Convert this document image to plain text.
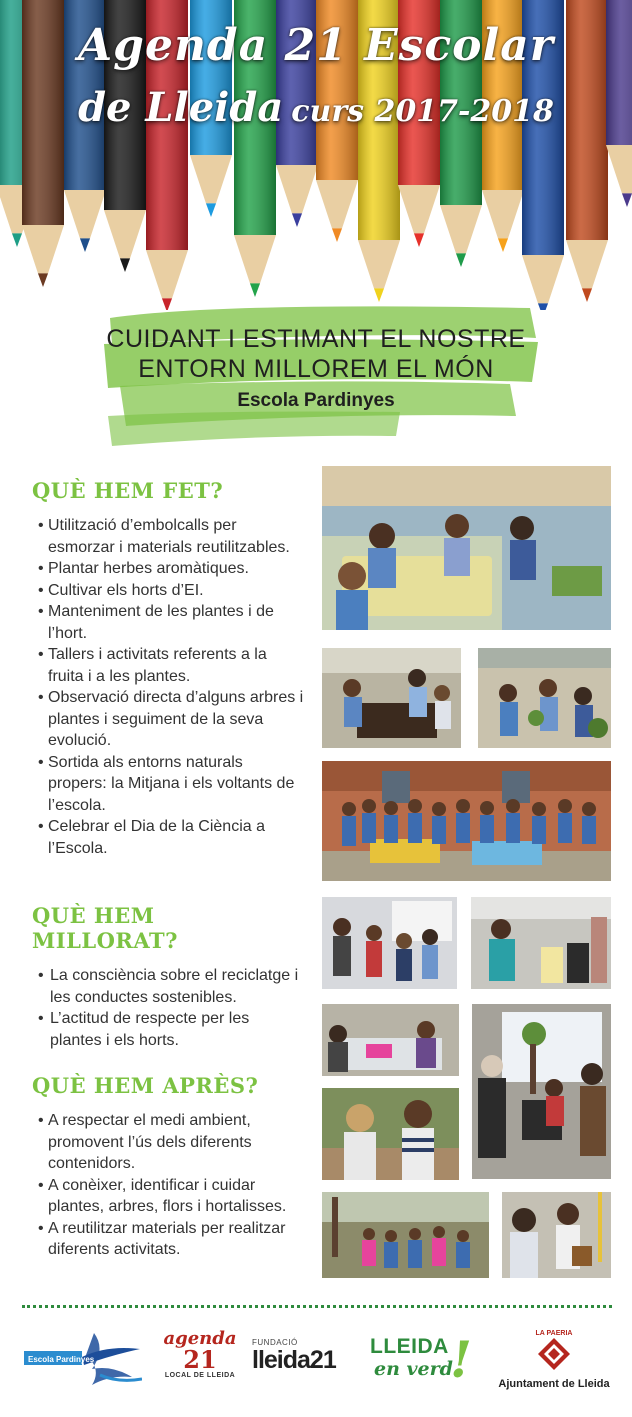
Agenda 21 Escolar
de Lleida curs 2017-2018
CUIDANT I ESTIMANT EL NOSTRE
ENTORN MILLOREM EL MÓN
Escola Pardinyes
QUÈ HEM FET?
• Utilització d’embolcalls per esmorzar i materials reutilitzables.
• Plantar herbes aromàtiques.
• Cultivar els horts d’EI.
• Manteniment de les plantes i de l’hort.
• Tallers i activitats referents a la fruita i a les plantes.
• Observació directa d’alguns arbres i plantes i seguiment de la seva evolució.
• Sortida als entorns naturals propers: la Mitjana i els voltants de l’escola.
• Celebrar el Dia de la Ciència a l’Escola.
QUÈ HEM MILLORAT?
• La consciència sobre el reciclatge i les conductes sostenibles.
• L’actitud de respecte per les plantes i els horts.
QUÈ HEM APRÈS?
• A respectar el medi ambient, promovent l’ús dels diferents contenidors.
• A conèixer, identificar i cuidar plantes, arbres, flors i hortalisses.
• A reutilitzar materials per realitzar diferents activitats.
Escola Pardinyes
agenda
21
LOCAL DE LLEIDA
FUNDACIÓ
lleida21	LLEIDA
en verd
!	LA PAERIA
Ajuntament de Lleida
